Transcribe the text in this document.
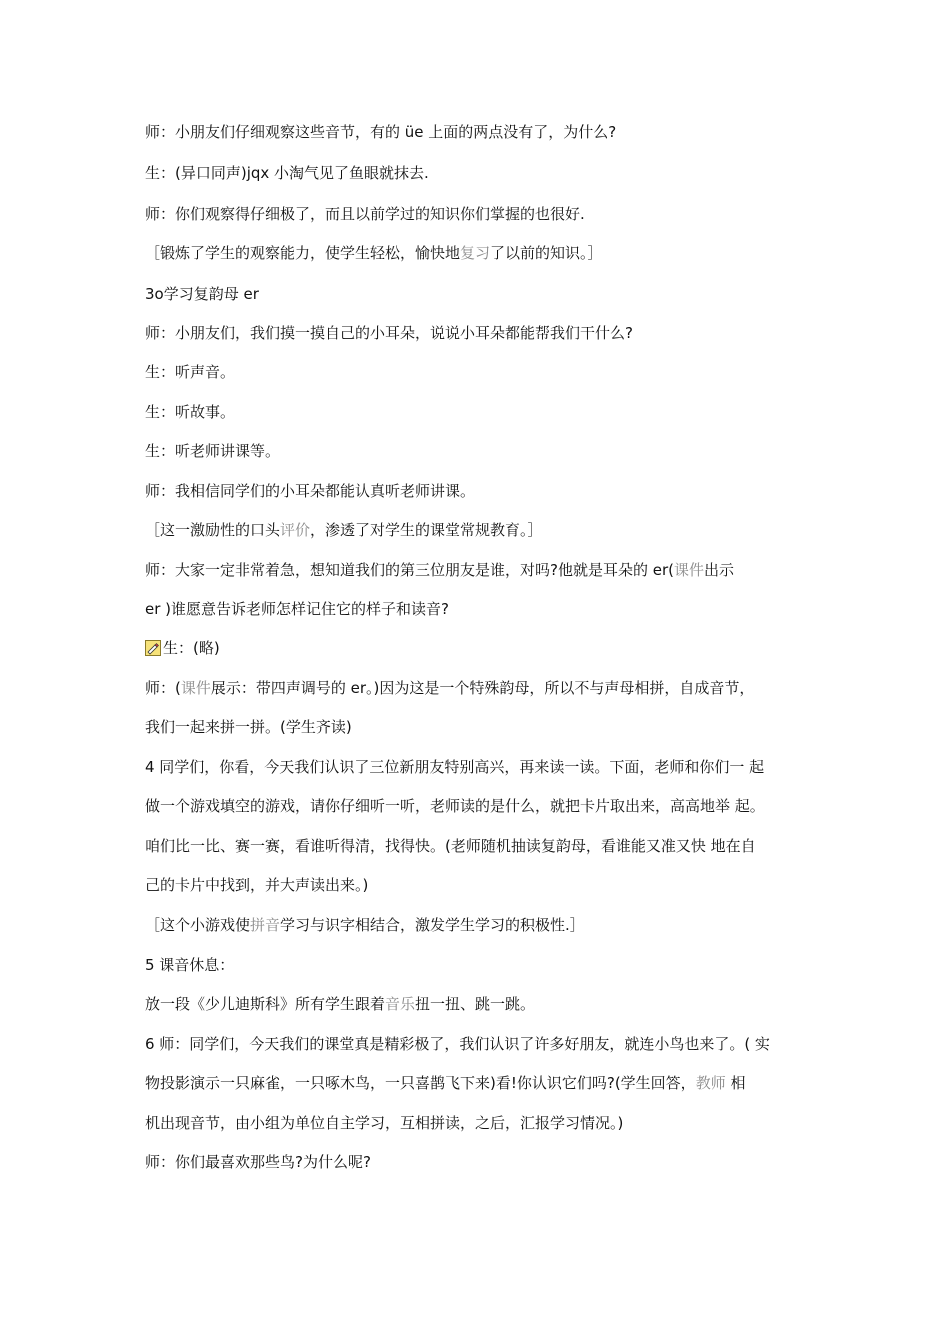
师：小朋友们仔细观察这些音节，有的 üe 上面的两点没有了，为什么?
生：(异口同声)jqx 小淘气见了鱼眼就抹去.
师：你们观察得仔细极了，而且以前学过的知识你们掌握的也很好.
［锻炼了学生的观察能力，使学生轻松，愉快地复习了以前的知识。］
3o学习复韵母 er
师：小朋友们，我们摸一摸自己的小耳朵，说说小耳朵都能帮我们干什么?
生：听声音。
生：听故事。
生：听老师讲课等。
师：我相信同学们的小耳朵都能认真听老师讲课。
［这一激励性的口头评价，渗透了对学生的课堂常规教育。］
师：大家一定非常着急，想知道我们的第三位朋友是谁，对吗?他就是耳朵的 er(课件出示
er )谁愿意告诉老师怎样记住它的样子和读音?
生：(略)
师：(课件展示：带四声调号的 er。)因为这是一个特殊韵母，所以不与声母相拼，自成音节，
我们一起来拼一拼。(学生齐读)
4 同学们，你看，今天我们认识了三位新朋友特别高兴，再来读一读。下面，老师和你们一 起
做一个游戏填空的游戏，请你仔细听一听，老师读的是什么，就把卡片取出来，高高地举 起。
咱们比一比、赛一赛，看谁听得清，找得快。(老师随机抽读复韵母，看谁能又准又快 地在自
己的卡片中找到，并大声读出来。)
［这个小游戏使拼音学习与识字相结合，激发学生学习的积极性.］
5 课音休息：
放一段《少儿迪斯科》所有学生跟着音乐扭一扭、跳一跳。
6 师：同学们，今天我们的课堂真是精彩极了，我们认识了许多好朋友，就连小鸟也来了。( 实
物投影演示一只麻雀，一只啄木鸟，一只喜鹊飞下来)看!你认识它们吗?(学生回答，教师 相
机出现音节，由小组为单位自主学习，互相拼读，之后，汇报学习情况。)
师：你们最喜欢那些鸟?为什么呢?
